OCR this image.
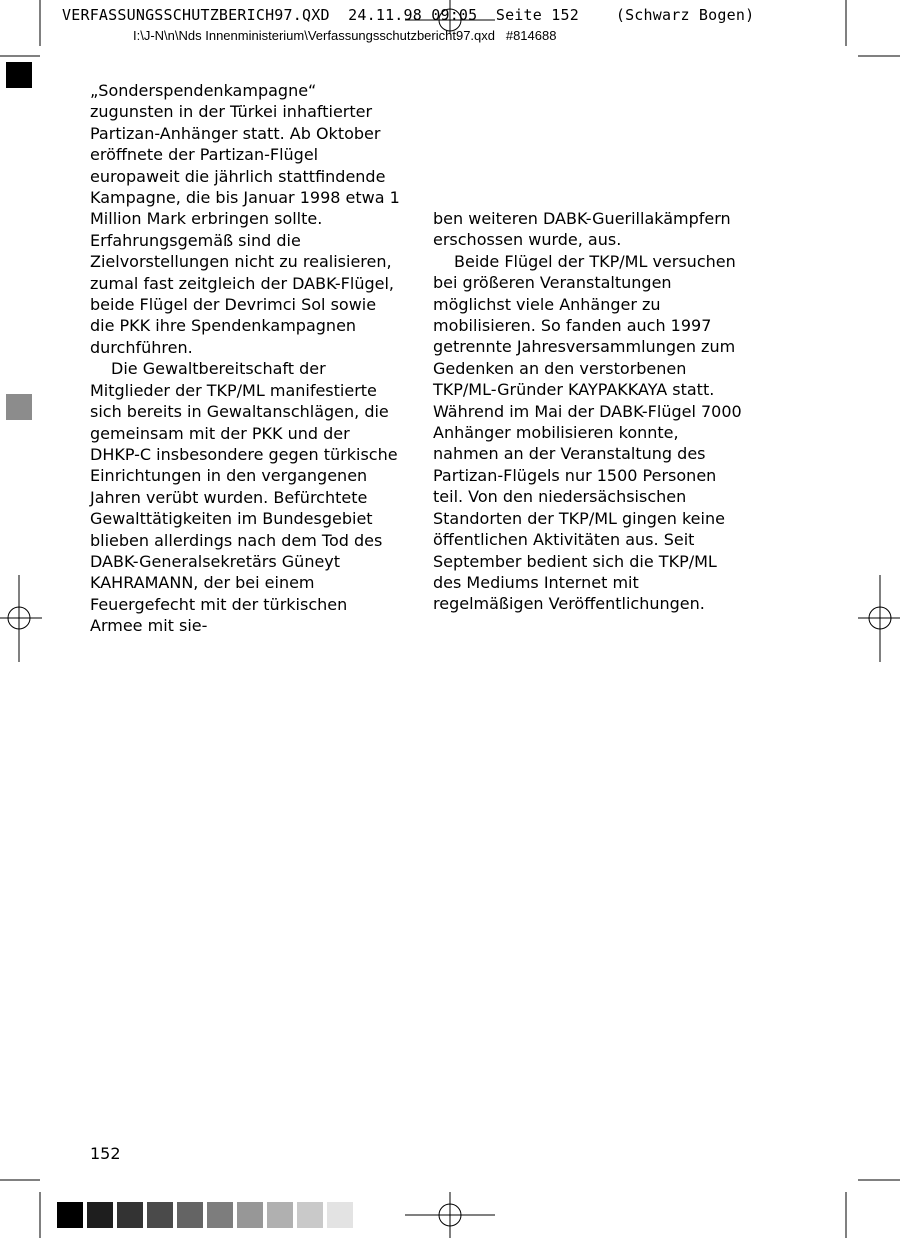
VERFASSUNGSSCHUTZBERICH97.QXD  24.11.98 09:05  Seite 152    (Schwarz Bogen)
I:\J-N\n\Nds Innenministerium\Verfassungsschutzbericht97.qxd   #814688

„Sonderspendenkampagne“ zugunsten in der Türkei inhaftierter Partizan-Anhänger statt. Ab Oktober eröffnete der Partizan-Flügel europaweit die jährlich stattfindende Kampagne, die bis Januar 1998 etwa 1 Million Mark erbringen sollte. Erfahrungsgemäß sind die Zielvorstellungen nicht zu realisieren, zumal fast zeitgleich der DABK-Flügel, beide Flügel der Devrimci Sol sowie die PKK ihre Spendenkampagnen durchführen.

Die Gewaltbereitschaft der Mitglieder der TKP/ML manifestierte sich bereits in Gewaltanschlägen, die gemeinsam mit der PKK und der DHKP-C insbesondere gegen türkische Einrichtungen in den vergangenen Jahren verübt wurden. Befürchtete Gewalttätigkeiten im Bundesgebiet blieben allerdings nach dem Tod des DABK-Generalsekretärs Güneyt KAHRAMANN, der bei einem Feuergefecht mit der türkischen Armee mit sie-

ben weiteren DABK-Guerillakämpfern erschossen wurde, aus.

Beide Flügel der TKP/ML versuchen bei größeren Veranstaltungen möglichst viele Anhänger zu mobilisieren. So fanden auch 1997 getrennte Jahresversammlungen zum Gedenken an den verstorbenen TKP/ML-Gründer KAYPAKKAYA statt. Während im Mai der DABK-Flügel 7000 Anhänger mobilisieren konnte, nahmen an der Veranstaltung des Partizan-Flügels nur 1500 Personen teil. Von den niedersächsischen Standorten der TKP/ML gingen keine öffentlichen Aktivitäten aus. Seit September bedient sich die TKP/ML des Mediums Internet mit regelmäßigen Veröffentlichungen.

152
